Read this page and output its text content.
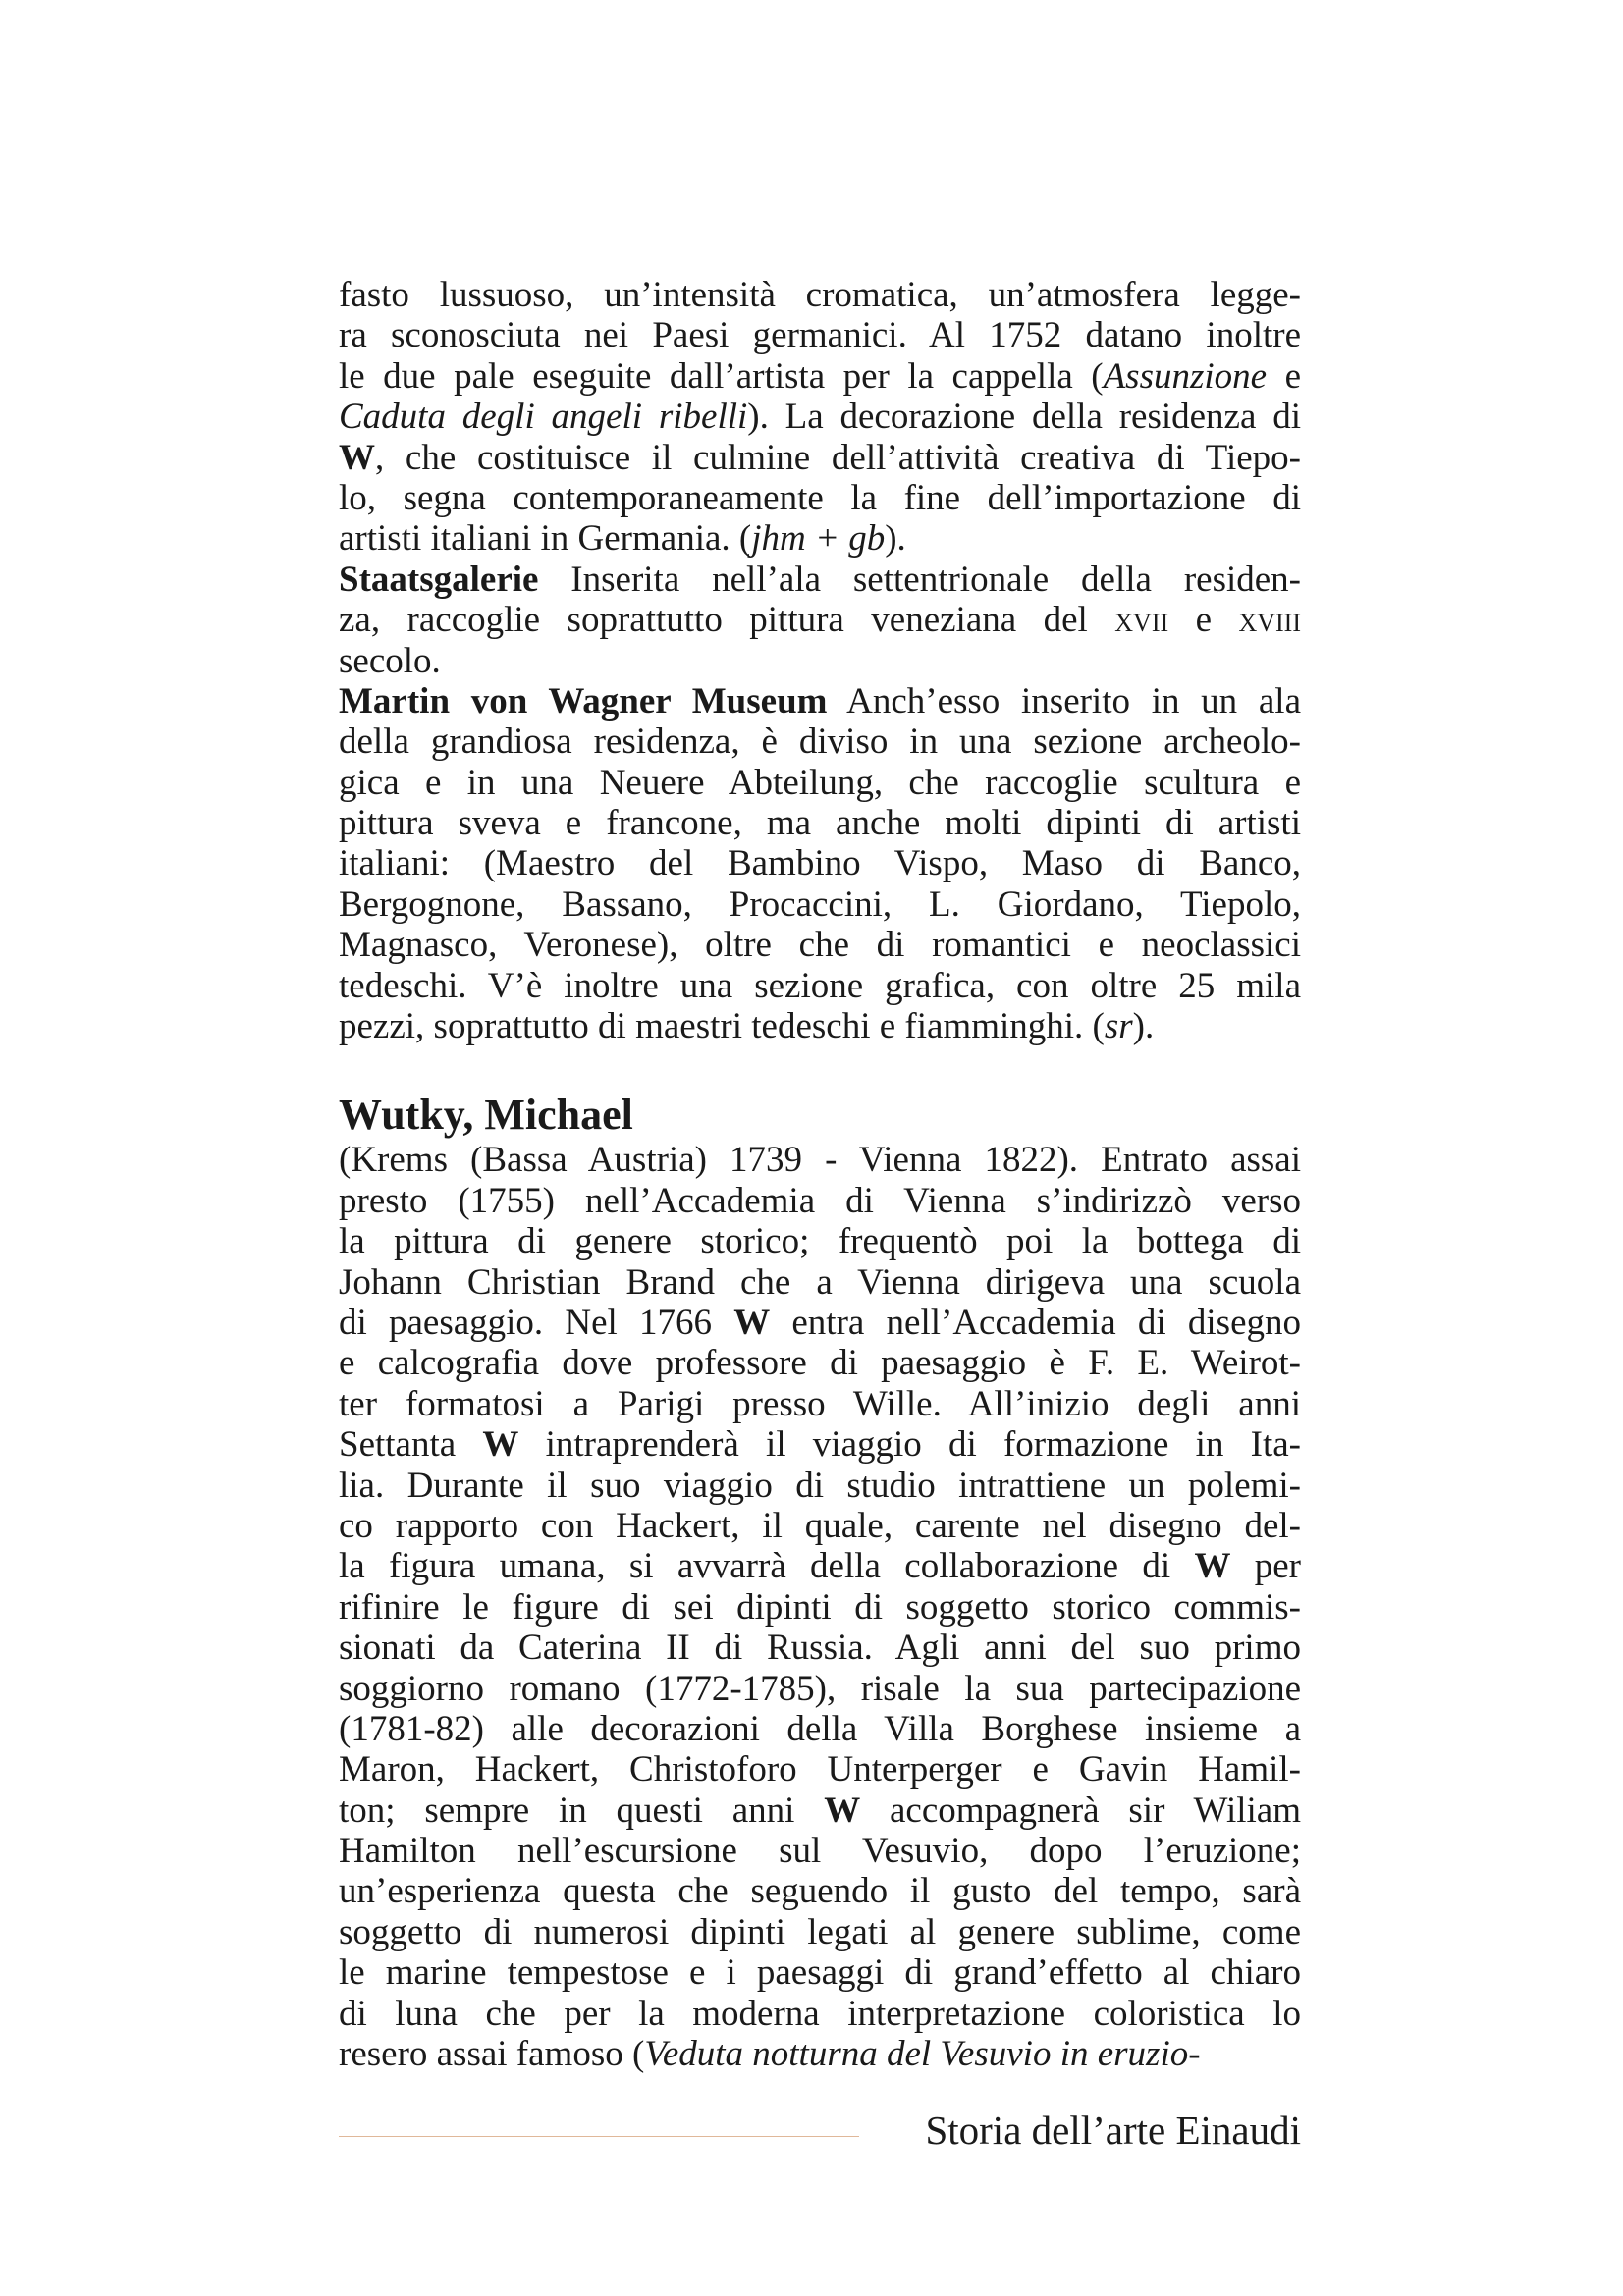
fasto lussuoso, un’intensità cromatica, un’atmosfera legge-
ra sconosciuta nei Paesi germanici. Al 1752 datano inoltre
le due pale eseguite dall’artista per la cappella (Assunzione e
Caduta degli angeli ribelli). La decorazione della residenza di
W, che costituisce il culmine dell’attività creativa di Tiepo-
lo, segna contemporaneamente la fine dell’importazione di
artisti italiani in Germania. (jhm + gb).
Staatsgalerie Inserita nell’ala settentrionale della residen-
za, raccoglie soprattutto pittura veneziana del xvii e xviii
secolo.
Martin von Wagner Museum Anch’esso inserito in un ala
della grandiosa residenza, è diviso in una sezione archeolo-
gica e in una Neuere Abteilung, che raccoglie scultura e
pittura sveva e francone, ma anche molti dipinti di artisti
italiani: (Maestro del Bambino Vispo, Maso di Banco,
Bergognone, Bassano, Procaccini, L. Giordano, Tiepolo,
Magnasco, Veronese), oltre che di romantici e neoclassici
tedeschi. V’è inoltre una sezione grafica, con oltre 25 mila
pezzi, soprattutto di maestri tedeschi e fiamminghi. (sr).
Wutky, Michael
(Krems (Bassa Austria) 1739 - Vienna 1822). Entrato assai
presto (1755) nell’Accademia di Vienna s’indirizzò verso
la pittura di genere storico; frequentò poi la bottega di
Johann Christian Brand che a Vienna dirigeva una scuola
di paesaggio. Nel 1766 W entra nell’Accademia di disegno
e calcografia dove professore di paesaggio è F. E. Weirot-
ter formatosi a Parigi presso Wille. All’inizio degli anni
Settanta W intraprenderà il viaggio di formazione in Ita-
lia. Durante il suo viaggio di studio intrattiene un polemi-
co rapporto con Hackert, il quale, carente nel disegno del-
la figura umana, si avvarrà della collaborazione di W per
rifinire le figure di sei dipinti di soggetto storico commis-
sionati da Caterina II di Russia. Agli anni del suo primo
soggiorno romano (1772-1785), risale la sua partecipazione
(1781-82) alle decorazioni della Villa Borghese insieme a
Maron, Hackert, Christoforo Unterperger e Gavin Hamil-
ton; sempre in questi anni W accompagnerà sir Wiliam
Hamilton nell’escursione sul Vesuvio, dopo l’eruzione;
un’esperienza questa che seguendo il gusto del tempo, sarà
soggetto di numerosi dipinti legati al genere sublime, come
le marine tempestose e i paesaggi di grand’effetto al chiaro
di luna che per la moderna interpretazione coloristica lo
resero assai famoso (Veduta notturna del Vesuvio in eruzio-
Storia dell’arte Einaudi
